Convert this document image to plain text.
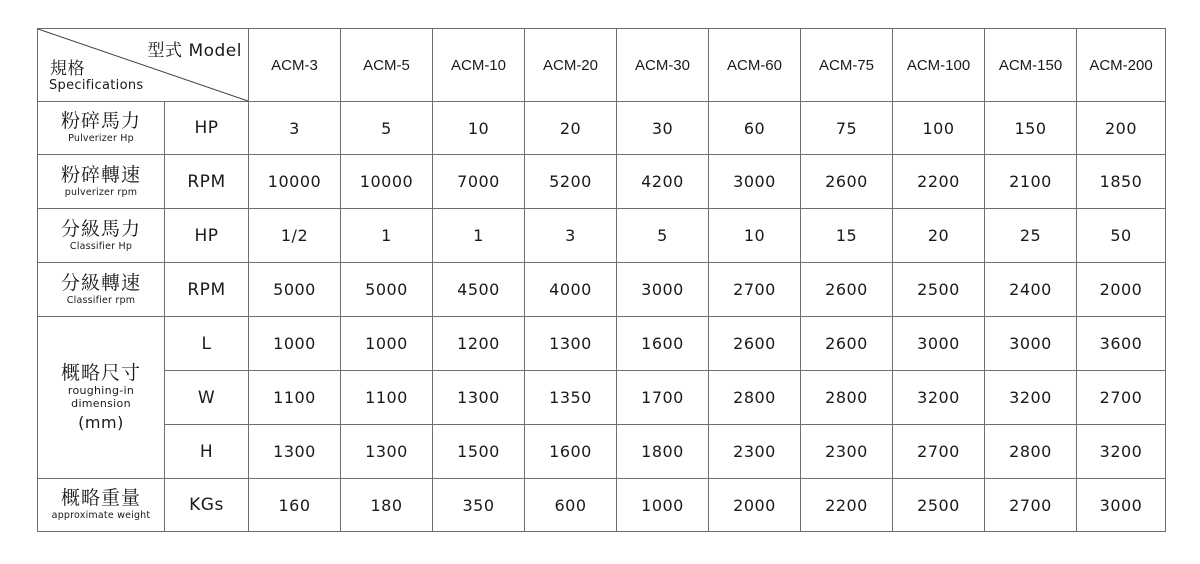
型式 Model
規格
Specifications		ACM-3	ACM-5	ACM-10	ACM-20	ACM-30	ACM-60	ACM-75	ACM-100	ACM-150	ACM-200

粉碎馬力
Pulverizer Hp	HP	3	5	10	20	30	60	75	100	150	200

粉碎轉速
pulverizer rpm	RPM	10000	10000	7000	5200	4200	3000	2600	2200	2100	1850

分級馬力
Classifier Hp	HP	1/2	1	1	3	5	10	15	20	25	50

分級轉速
Classifier rpm	RPM	5000	5000	4500	4000	3000	2700	2600	2500	2400	2000

概略尺寸
roughing-in
dimension
(mm)	L	1000	1000	1200	1300	1600	2600	2600	3000	3000	3600
	W	1100	1100	1300	1350	1700	2800	2800	3200	3200	2700
	H	1300	1300	1500	1600	1800	2300	2300	2700	2800	3200

概略重量
approximate weight	KGs	160	180	350	600	1000	2000	2200	2500	2700	3000
